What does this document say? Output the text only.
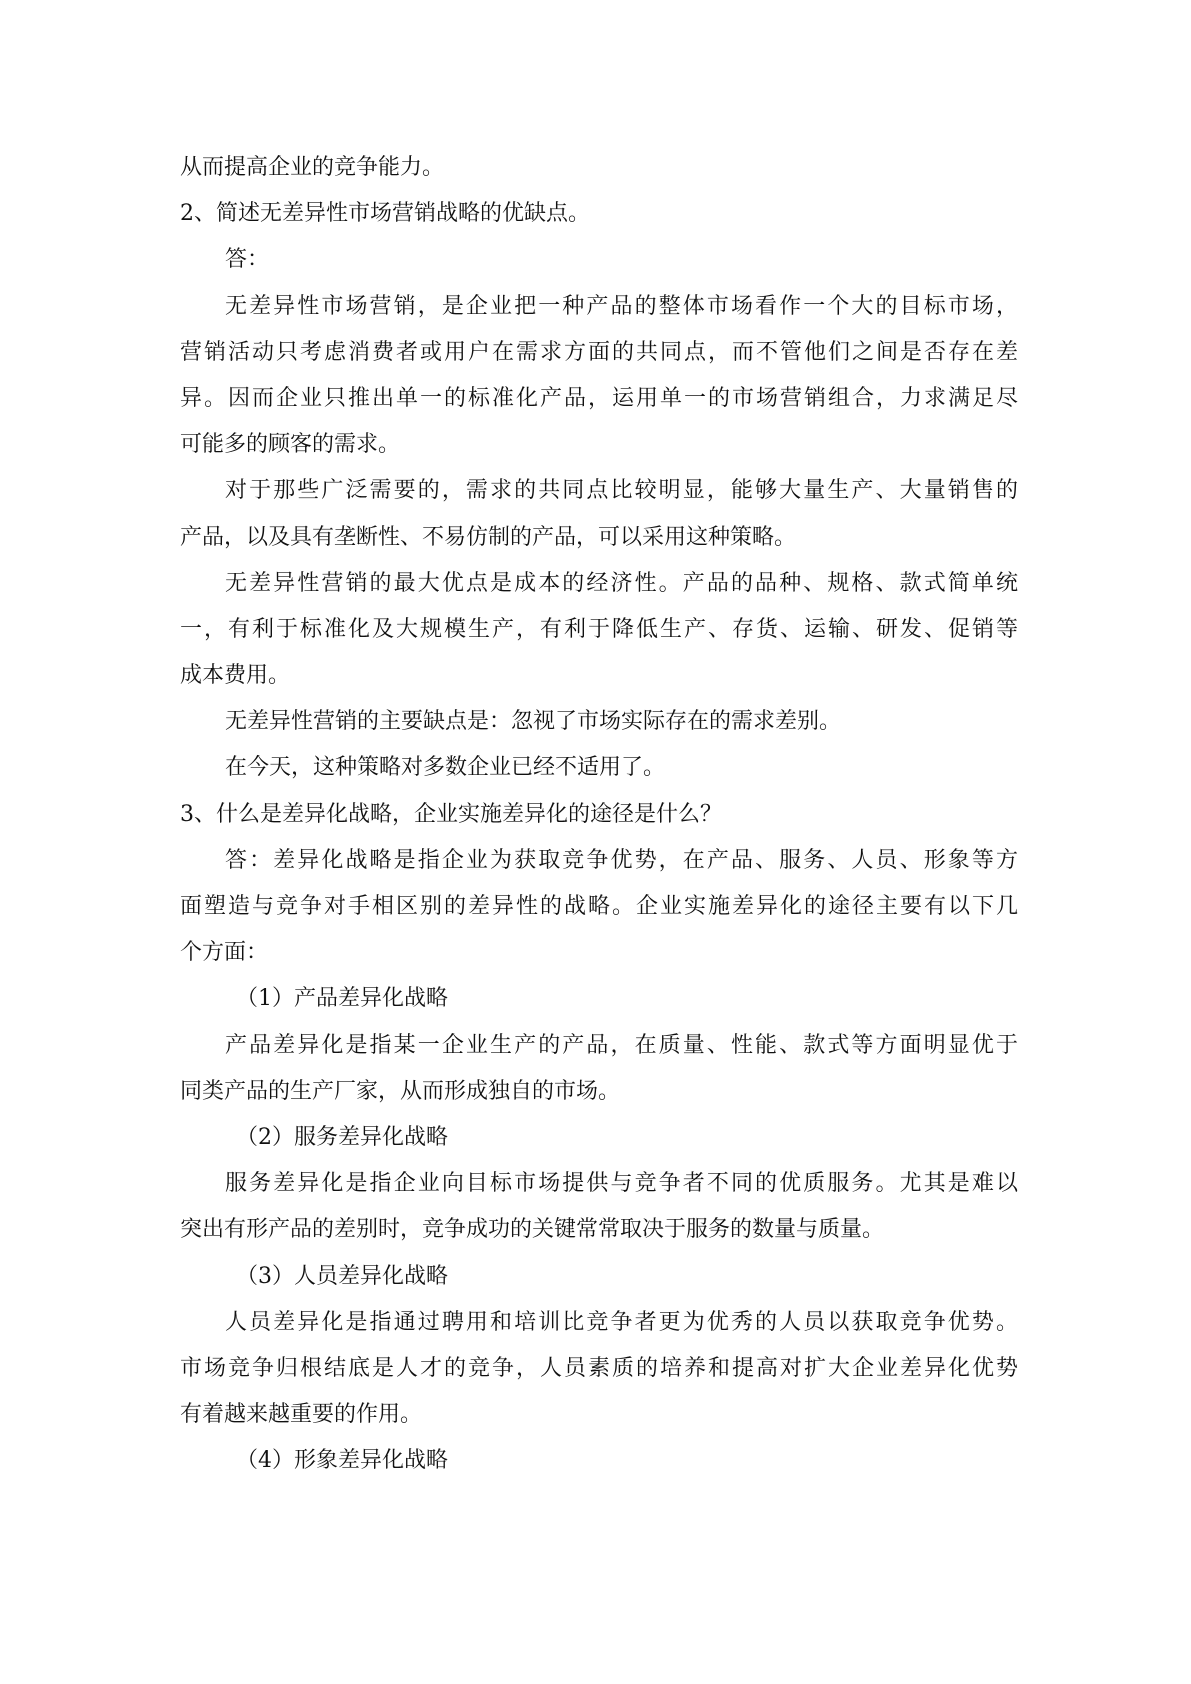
从而提高企业的竞争能力。
2、简述无差异性市场营销战略的优缺点。
答：
无差异性市场营销，是企业把一种产品的整体市场看作一个大的目标市场，
营销活动只考虑消费者或用户在需求方面的共同点，而不管他们之间是否存在差
异。因而企业只推出单一的标准化产品，运用单一的市场营销组合，力求满足尽
可能多的顾客的需求。
对于那些广泛需要的，需求的共同点比较明显，能够大量生产、大量销售的
产品，以及具有垄断性、不易仿制的产品，可以采用这种策略。
无差异性营销的最大优点是成本的经济性。产品的品种、规格、款式简单统
一，有利于标准化及大规模生产，有利于降低生产、存货、运输、研发、促销等
成本费用。
无差异性营销的主要缺点是：忽视了市场实际存在的需求差别。
在今天，这种策略对多数企业已经不适用了。
3、什么是差异化战略，企业实施差异化的途径是什么？
答：差异化战略是指企业为获取竞争优势，在产品、服务、人员、形象等方
面塑造与竞争对手相区别的差异性的战略。企业实施差异化的途径主要有以下几
个方面：
（1）产品差异化战略
产品差异化是指某一企业生产的产品，在质量、性能、款式等方面明显优于
同类产品的生产厂家，从而形成独自的市场。
（2）服务差异化战略
服务差异化是指企业向目标市场提供与竞争者不同的优质服务。尤其是难以
突出有形产品的差别时，竞争成功的关键常常取决于服务的数量与质量。
（3）人员差异化战略
人员差异化是指通过聘用和培训比竞争者更为优秀的人员以获取竞争优势。
市场竞争归根结底是人才的竞争，人员素质的培养和提高对扩大企业差异化优势
有着越来越重要的作用。
（4）形象差异化战略
